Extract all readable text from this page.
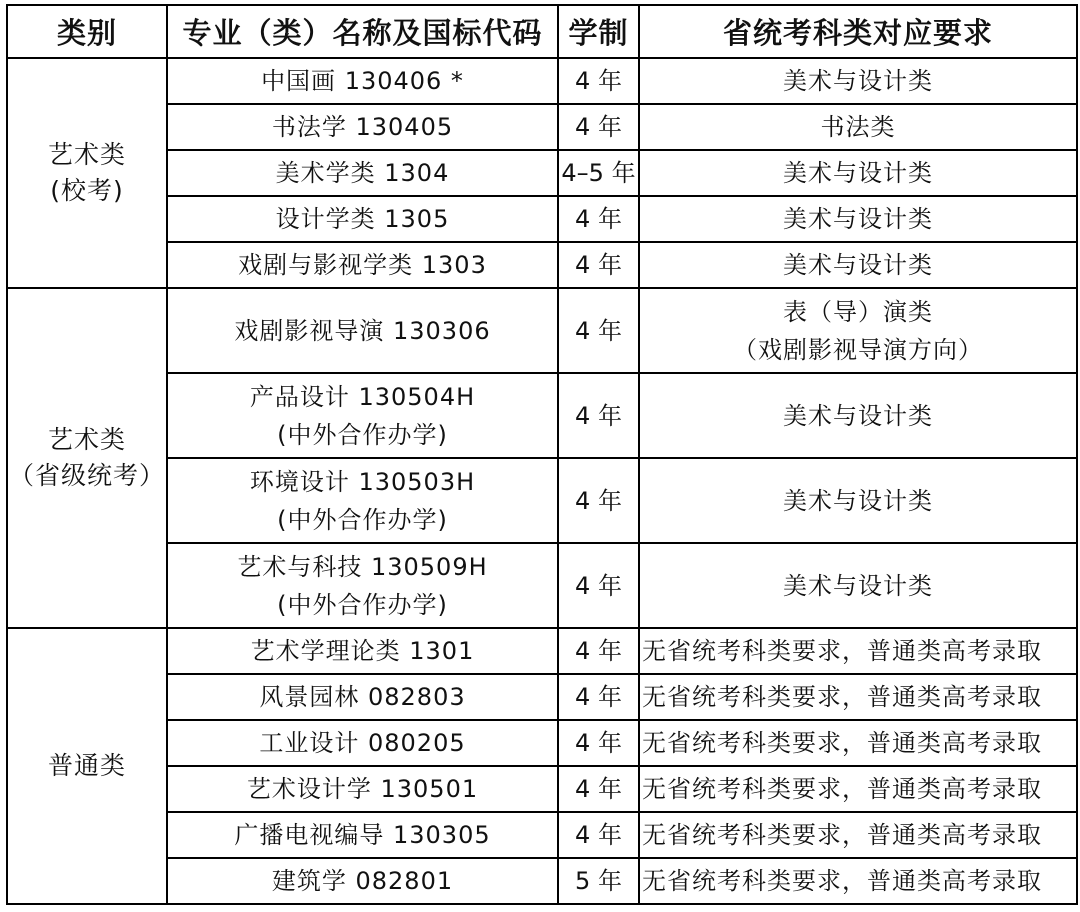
类别	专业（类）名称及国标代码	学制	省统考科类对应要求

艺术类
(校考)	中国画 130406 *	4 年	美术与设计类

	书法学 130405	4 年	书法类

	美术学类 1304	4–5 年	美术与设计类

	设计学类 1305	4 年	美术与设计类

	戏剧与影视学类 1303	4 年	美术与设计类

艺术类
（省级统考）	戏剧影视导演 130306	4 年	表（导）演类
（戏剧影视导演方向）

	产品设计 130504H
(中外合作办学)	4 年	美术与设计类

	环境设计 130503H
(中外合作办学)	4 年	美术与设计类

	艺术与科技 130509H
(中外合作办学)	4 年	美术与设计类

普通类	艺术学理论类 1301	4 年	无省统考科类要求，普通类高考录取

	风景园林 082803	4 年	无省统考科类要求，普通类高考录取

	工业设计 080205	4 年	无省统考科类要求，普通类高考录取

	艺术设计学 130501	4 年	无省统考科类要求，普通类高考录取

	广播电视编导 130305	4 年	无省统考科类要求，普通类高考录取

	建筑学 082801	5 年	无省统考科类要求，普通类高考录取
